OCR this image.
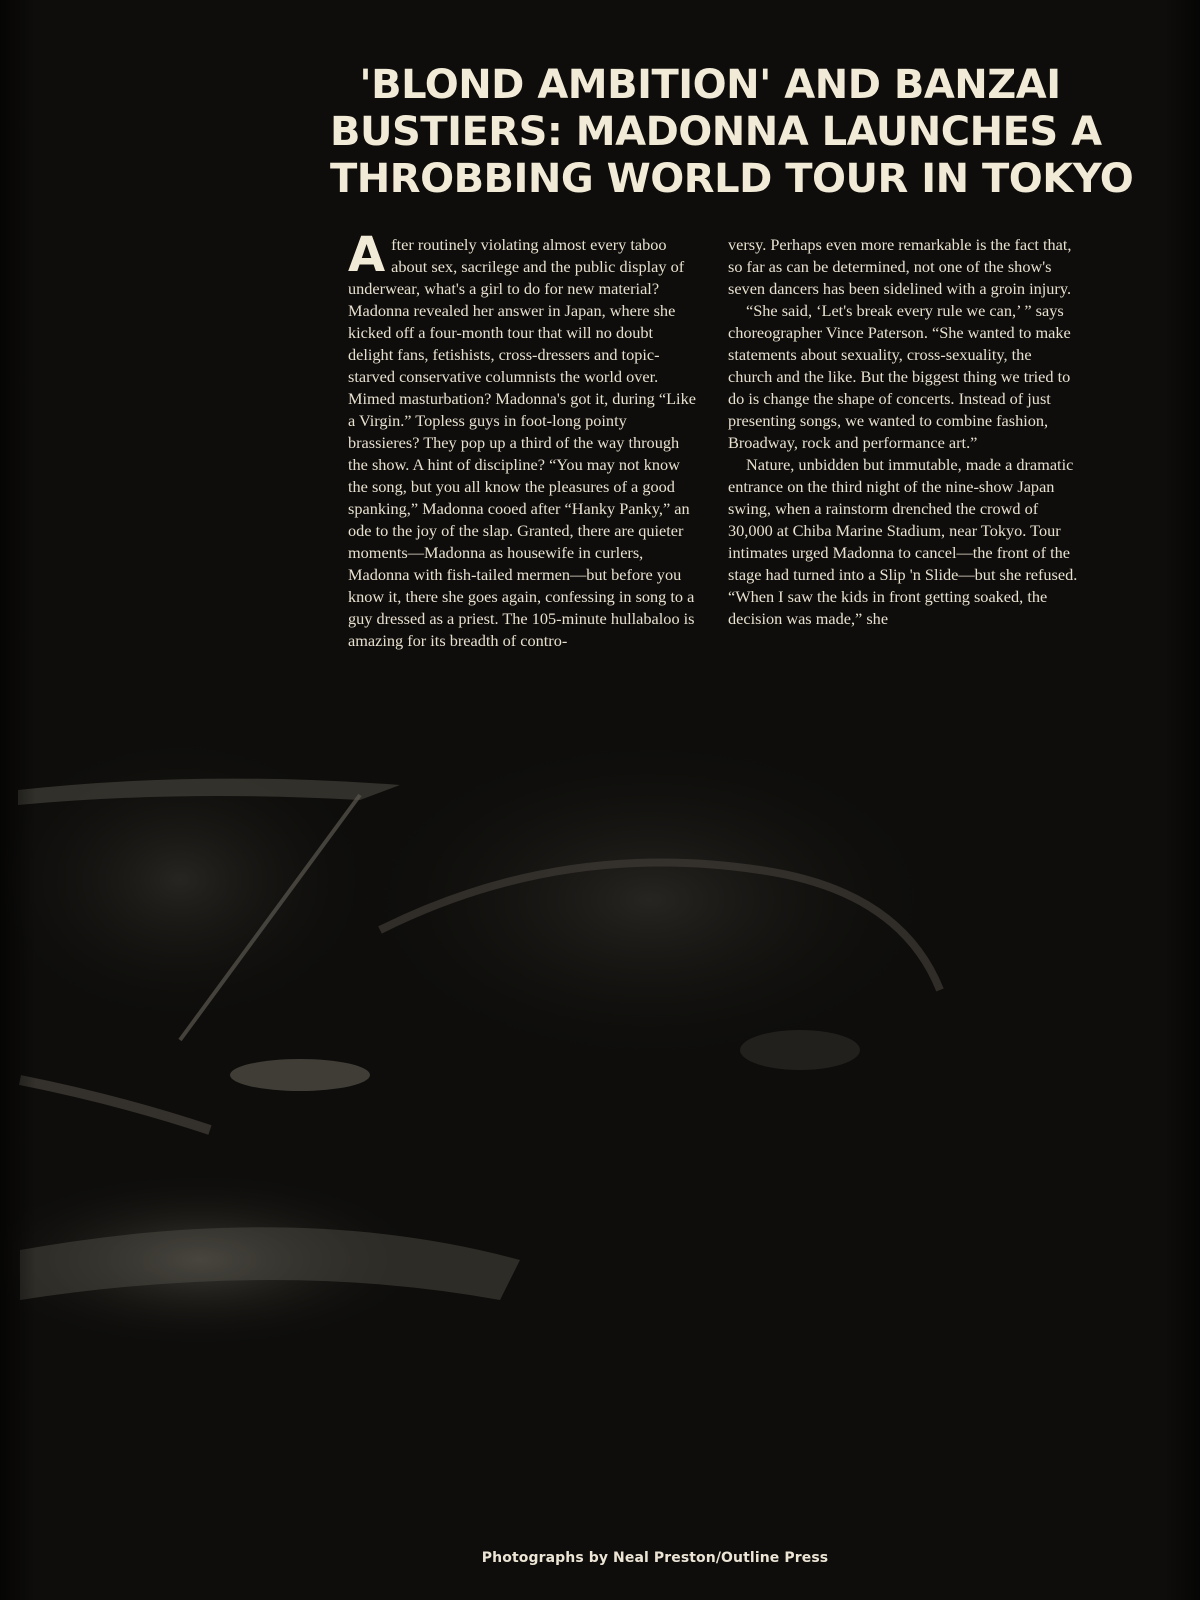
'BLOND AMBITION' AND BANZAI
BUSTIERS: MADONNA LAUNCHES A
THROBBING WORLD TOUR IN TOKYO

After routinely violating almost every taboo about sex, sacrilege and the public display of underwear, what's a girl to do for new material? Madonna revealed her answer in Japan, where she kicked off a four-month tour that will no doubt delight fans, fetishists, cross-dressers and topic-starved conservative columnists the world over. Mimed masturbation? Madonna's got it, during “Like a Virgin.” Topless guys in foot-long pointy brassieres? They pop up a third of the way through the show. A hint of discipline? “You may not know the song, but you all know the pleasures of a good spanking,” Madonna cooed after “Hanky Panky,” an ode to the joy of the slap. Granted, there are quieter moments—Madonna as housewife in curlers, Madonna with fish-tailed mermen—but before you know it, there she goes again, confessing in song to a guy dressed as a priest. The 105-minute hullabaloo is amazing for its breadth of contro-

versy. Perhaps even more remarkable is the fact that, so far as can be determined, not one of the show's seven dancers has been sidelined with a groin injury.

“She said, ‘Let's break every rule we can,’ ” says choreographer Vince Paterson. “She wanted to make statements about sexuality, cross-sexuality, the church and the like. But the biggest thing we tried to do is change the shape of concerts. Instead of just presenting songs, we wanted to combine fashion, Broadway, rock and performance art.”

Nature, unbidden but immutable, made a dramatic entrance on the third night of the nine-show Japan swing, when a rainstorm drenched the crowd of 30,000 at Chiba Marine Stadium, near Tokyo. Tour intimates urged Madonna to cancel—the front of the stage had turned into a Slip 'n Slide—but she refused. “When I saw the kids in front getting soaked, the decision was made,” she

Photographs by Neal Preston/Outline Press
